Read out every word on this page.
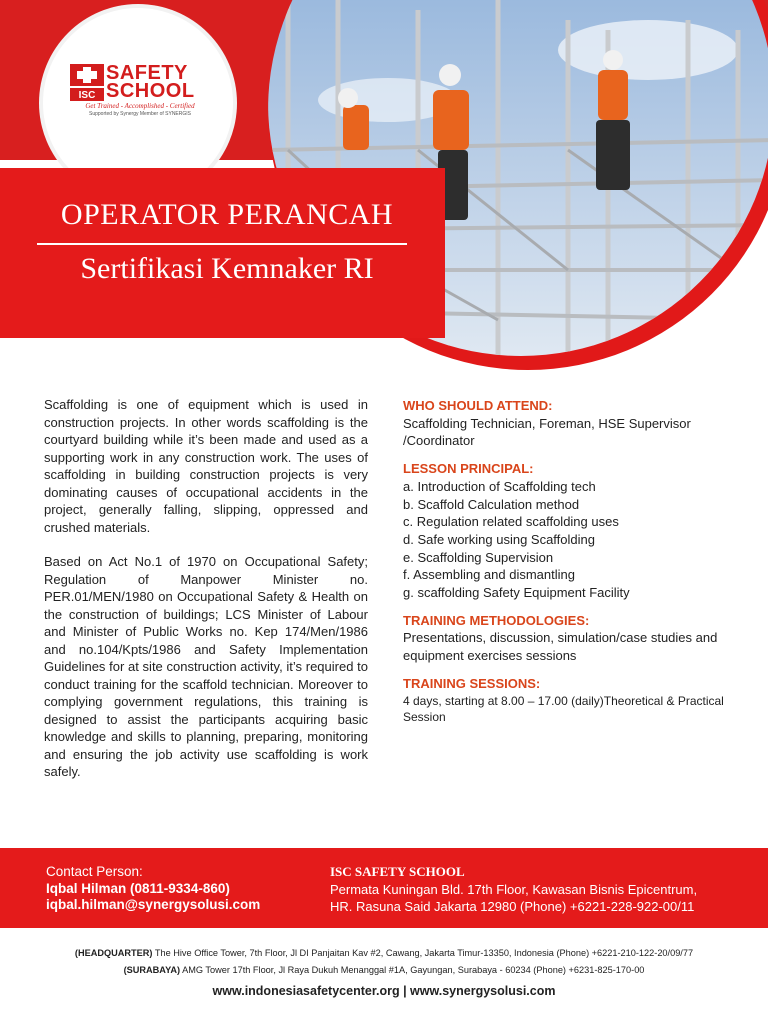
ISC
SAFETY
SCHOOL
Get Trained - Accomplished - Certified
Supported by Synergy Member of SYNERGIS
OPERATOR PERANCAH
Sertifikasi Kemnaker RI

Scaffolding is one of equipment which is used in construction projects. In other words scaffolding is the courtyard building while it’s been made and used as a supporting work in any construction work. The uses of scaffolding in building construction projects is very dominating causes of occupational accidents in the project, generally falling, slipping, oppressed and crushed materials.

Based on Act No.1 of 1970 on Occupational Safety; Regulation of Manpower Minister no. PER.01/MEN/1980 on Occupational Safety & Health on the construction of buildings; LCS Minister of Labour and Minister of Public Works no. Kep 174/Men/1986 and no.104/Kpts/1986 and Safety Implementation Guidelines for at site construction activity, it’s required to conduct training for the scaffold technician. Moreover to complying government regulations, this training is designed to assist the participants acquiring basic knowledge and skills to planning, preparing, monitoring and ensuring the job activity use scaffolding is work safely.

WHO SHOULD ATTEND:
Scaffolding Technician, Foreman, HSE Supervisor /Coordinator
LESSON PRINCIPAL:
a. Introduction of Scaffolding tech
b. Scaffold Calculation method
c. Regulation related scaffolding uses
d. Safe working using Scaffolding
e. Scaffolding Supervision
f. Assembling and dismantling
g. scaffolding Safety Equipment Facility
TRAINING METHODOLOGIES:
Presentations, discussion, simulation/case studies and equipment exercises sessions
TRAINING SESSIONS:
4 days, starting at 8.00 – 17.00 (daily)Theoretical & Practical Session
Contact Person:
Iqbal Hilman (0811-9334-860)
iqbal.hilman@synergysolusi.com
ISC SAFETY SCHOOL
Permata Kuningan Bld. 17th Floor, Kawasan Bisnis Epicentrum,
HR. Rasuna Said Jakarta 12980 (Phone) +6221-228-922-00/11
(HEADQUARTER) The Hive Office Tower, 7th Floor, Jl DI Panjaitan Kav #2, Cawang, Jakarta Timur-13350, Indonesia (Phone) +6221-210-122-20/09/77
(SURABAYA) AMG Tower 17th Floor, Jl Raya Dukuh Menanggal #1A, Gayungan, Surabaya - 60234 (Phone) +6231-825-170-00
www.indonesiasafetycenter.org | www.synergysolusi.com
